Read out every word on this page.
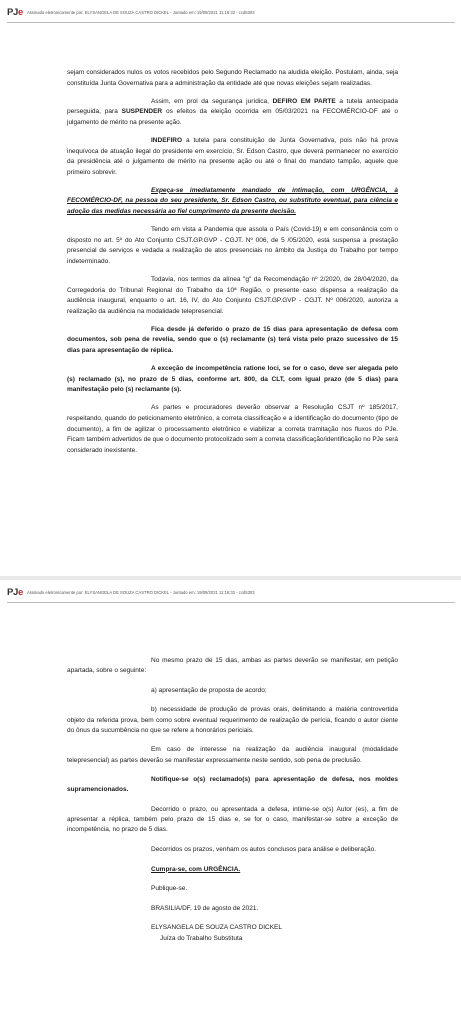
PJe Assinado eletronicamente por: ELYSANGELA DE SOUZA CASTRO DICKEL - Juntado em: 19/08/2021 11:16:32 - ccd5303

sejam considerados nulos os votos recebidos pelo Segundo Reclamado na aludida eleição. Postulam, ainda, seja constituída Junta Governativa para a administração da entidade até que novas eleições sejam realizadas.

Assim, em prol da segurança jurídica, DEFIRO EM PARTE a tutela antecipada perseguida, para SUSPENDER os efeitos da eleição ocorrida em 05/03/2021 na FECOMÉRCIO-DF até o julgamento de mérito na presente ação.

INDEFIRO a tutela para constituição de Junta Governativa, pois não há prova inequívoca de atuação ilegal do presidente em exercício, Sr. Edson Castro, que deverá permanecer no exercício da presidência até o julgamento de mérito na presente ação ou até o final do mandato tampão, aquele que primeiro sobrevir.

Expeça-se imediatamente mandado de intimação, com URGÊNCIA, à FECOMÉRCIO-DF, na pessoa do seu presidente, Sr. Edson Castro, ou substituto eventual, para ciência e adoção das medidas necessária ao fiel cumprimento da presente decisão.

Tendo em vista a Pandemia que assola o País (Covid-19) e em consonância com o disposto no art. 5º do Ato Conjunto CSJT.GP.GVP - CGJT. Nº 006, de 5 /05/2020, está suspensa a prestação presencial de serviços e vedada a realização de atos presenciais no âmbito da Justiça do Trabalho por tempo indeterminado.

Todavia, nos termos da alínea "g" da Recomendação nº 2/2020, de 28/04/2020, da Corregedoria do Tribunal Regional do Trabalho da 10ª Região, o presente caso dispensa a realização da audiência inaugural, enquanto o art. 16, IV, do Ato Conjunto CSJT.GP.GVP - CGJT. Nº 006/2020, autoriza a realização da audiência na modalidade telepresencial.

Fica desde já deferido o prazo de 15 dias para apresentação de defesa com documentos, sob pena de revelia, sendo que o (s) reclamante (s) terá vista pelo prazo sucessivo de 15 dias para apresentação de réplica.

A exceção de incompetência ratione loci, se for o caso, deve ser alegada pelo (s) reclamado (s), no prazo de 5 dias, conforme art. 800, da CLT, com igual prazo (de 5 dias) para manifestação pelo (s) reclamante (s).

As partes e procuradores deverão observar a Resolução CSJT nº 185/2017, respeitando, quando do peticionamento eletrônico, a correta classificação e a identificação do documento (tipo de documento), a fim de agilizar o processamento eletrônico e viabilizar a correta tramitação nos fluxos do PJe. Ficam também advertidos de que o documento protocolizado sem a correta classificação/identificação no PJe será considerado inexistente.

PJe Assinado eletronicamente por: ELYSANGELA DE SOUZA CASTRO DICKEL - Juntado em: 19/08/2021 11:16:32 - ccd5303

No mesmo prazo de 15 dias, ambas as partes deverão se manifestar, em petição apartada, sobre o seguinte:

a) apresentação de proposta de acordo;

b) necessidade de produção de provas orais, delimitando a matéria controvertida objeto da referida prova, bem como sobre eventual requerimento de realização de perícia, ficando o autor ciente do ônus da sucumbência no que se refere a honorários periciais.

Em caso de interesse na realização da audiência inaugural (modalidade telepresencial) as partes deverão se manifestar expressamente neste sentido, sob pena de preclusão.

Notifique-se o(s) reclamado(s) para apresentação de defesa, nos moldes supramencionados.

Decorrido o prazo, ou apresentada a defesa, intime-se o(s) Autor (es), a fim de apresentar a réplica, também pelo prazo de 15 dias e, se for o caso, manifestar-se sobre a exceção de incompetência, no prazo de 5 dias.

Decorridos os prazos, venham os autos conclusos para análise e deliberação.

Cumpra-se, com URGÊNCIA.

Publique-se.

BRASILIA/DF, 19 de agosto de 2021.

ELYSANGELA DE SOUZA CASTRO DICKEL

Juíza do Trabalho Substituta
